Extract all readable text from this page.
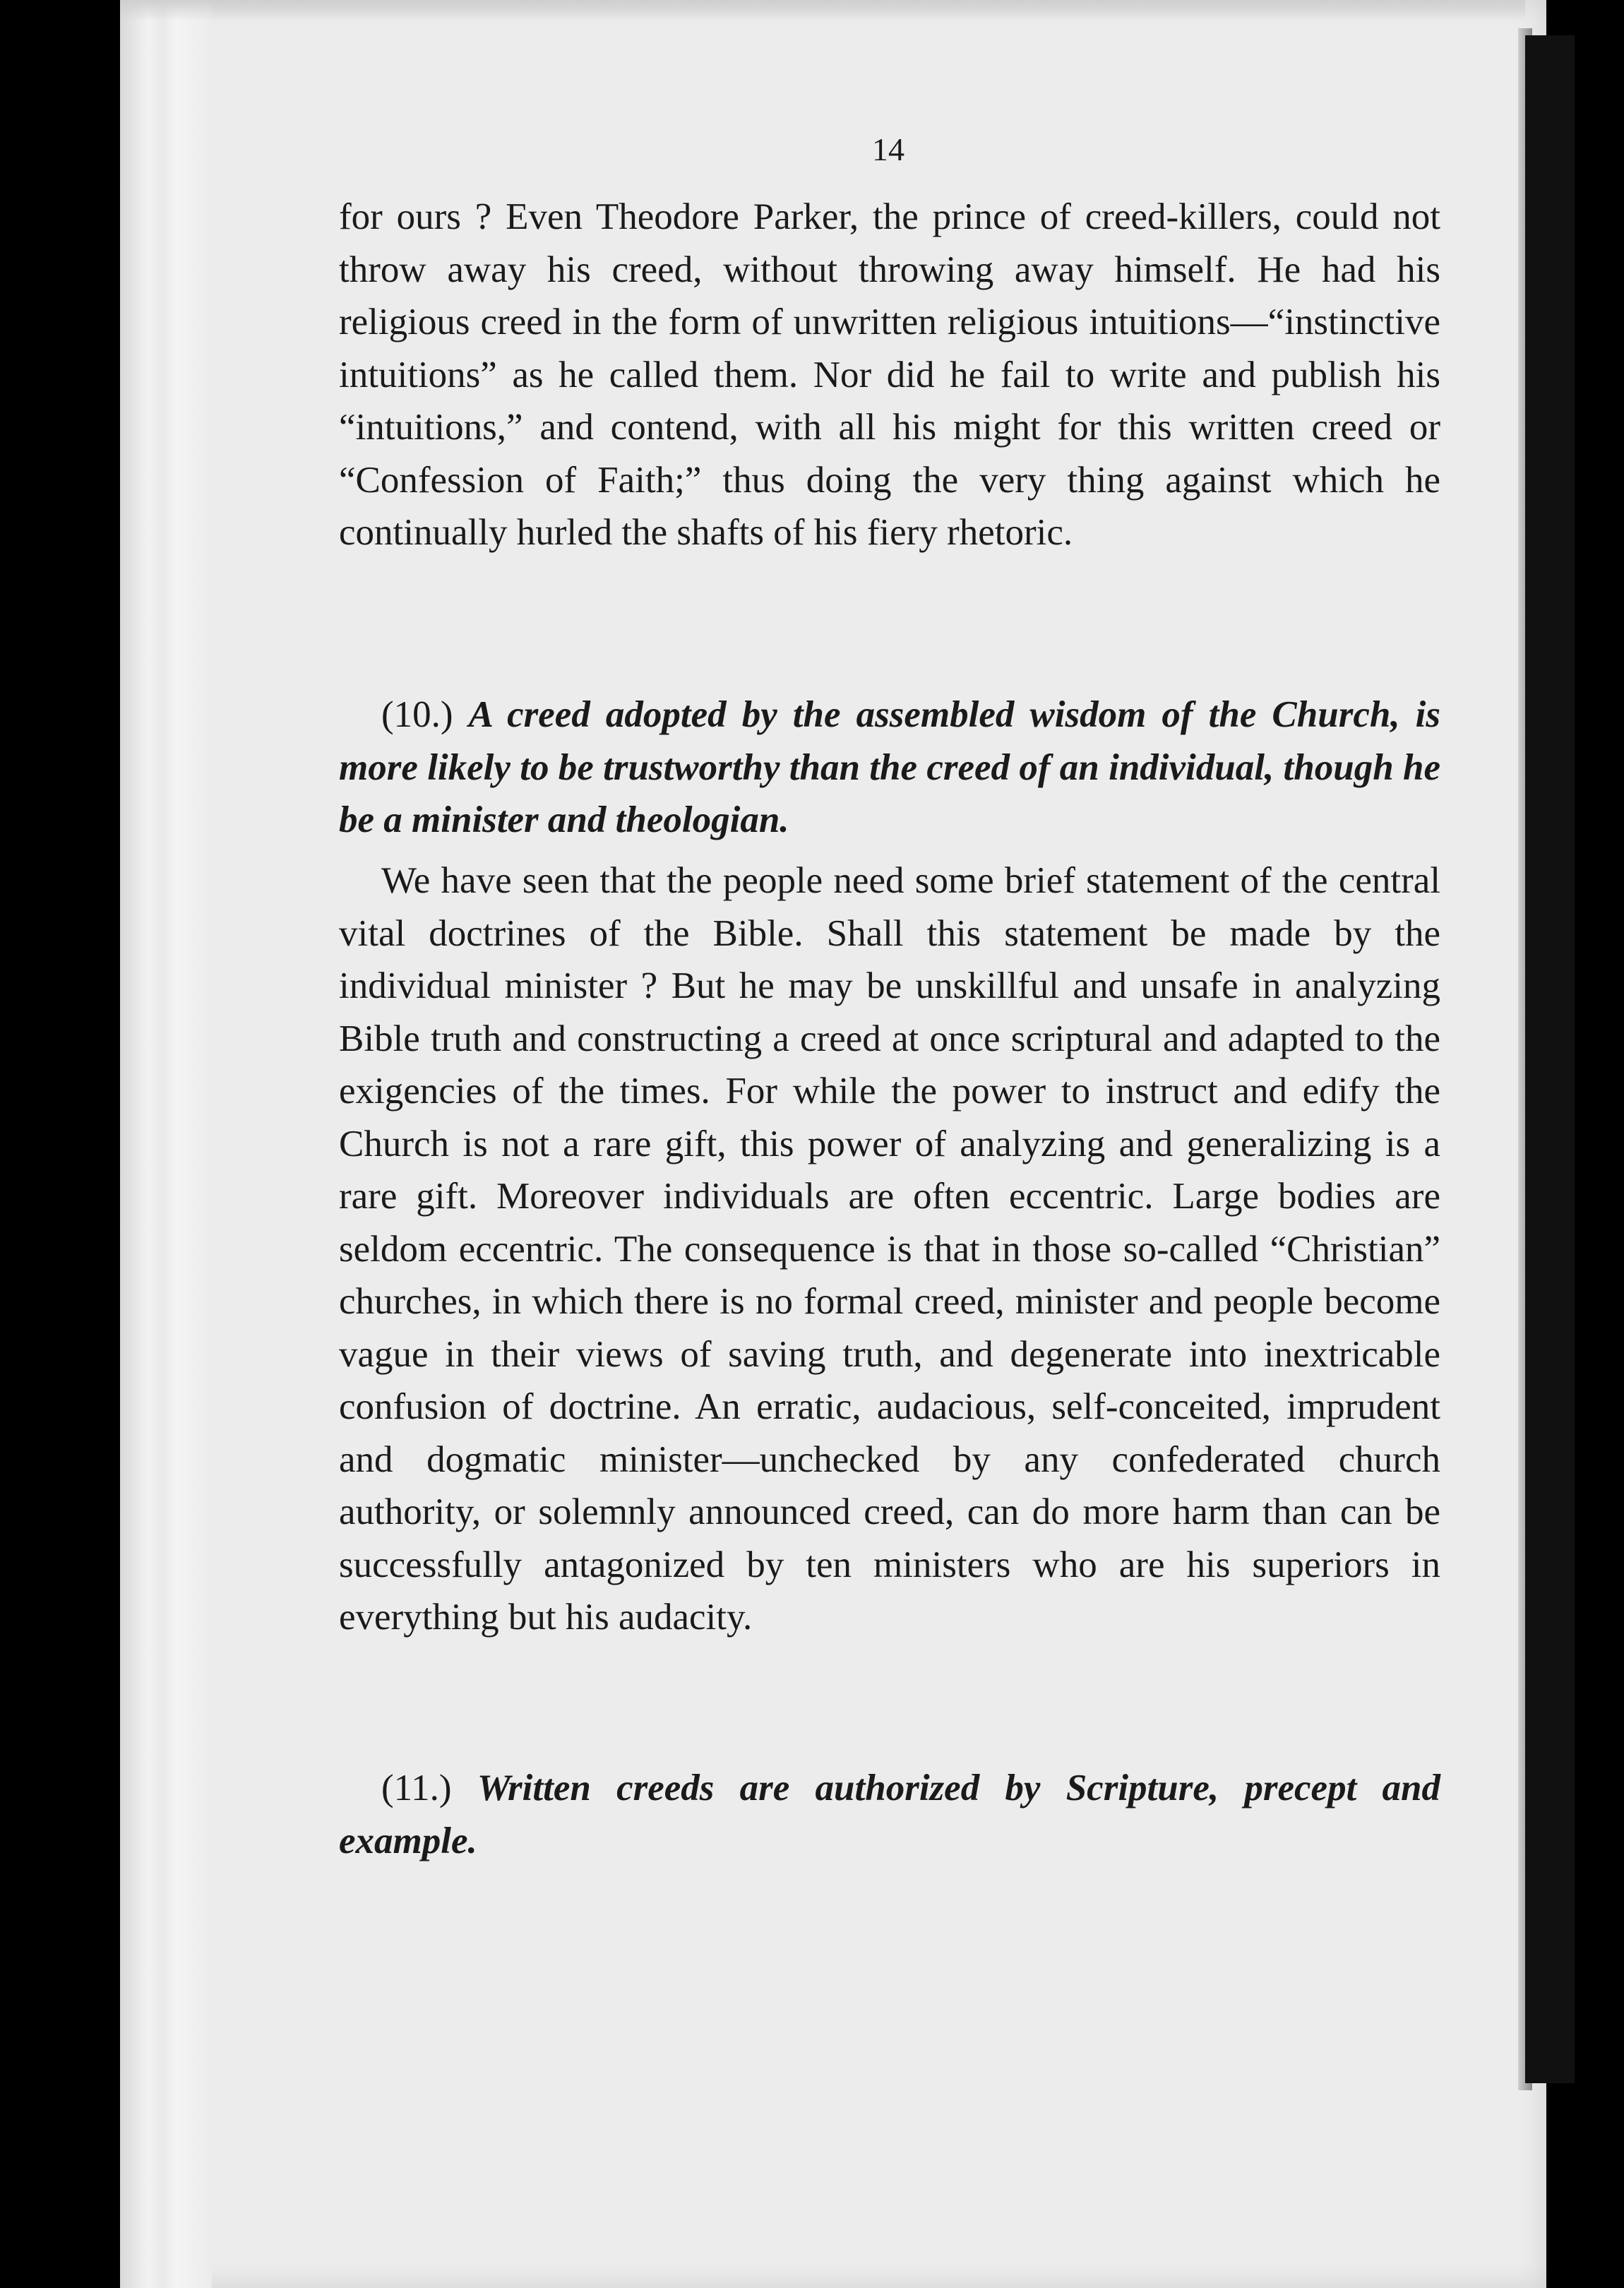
14

for ours ? Even Theodore Parker, the prince of creed-killers, could not throw away his creed, without throwing away himself. He had his religious creed in the form of unwritten religious intuitions—“instinctive intuitions” as he called them. Nor did he fail to write and publish his “intuitions,” and contend, with all his might for this written creed or “Confession of Faith;” thus doing the very thing against which he continually hurled the shafts of his fiery rhetoric.

(10.) A creed adopted by the assembled wisdom of the Church, is more likely to be trustworthy than the creed of an individual, though he be a minister and theologian.

We have seen that the people need some brief statement of the central vital doctrines of the Bible. Shall this statement be made by the individual minister ? But he may be unskillful and unsafe in analyzing Bible truth and constructing a creed at once scriptural and adapted to the exigencies of the times. For while the power to instruct and edify the Church is not a rare gift, this power of analyzing and generalizing is a rare gift. Moreover individuals are often eccentric. Large bodies are seldom eccentric. The consequence is that in those so-called “Christian” churches, in which there is no formal creed, minister and people become vague in their views of saving truth, and degenerate into inextricable confusion of doctrine. An erratic, audacious, self-conceited, imprudent and dogmatic minister—unchecked by any confederated church authority, or solemnly announced creed, can do more harm than can be successfully antagonized by ten ministers who are his superiors in everything but his audacity.

(11.) Written creeds are authorized by Scripture, precept and example.
